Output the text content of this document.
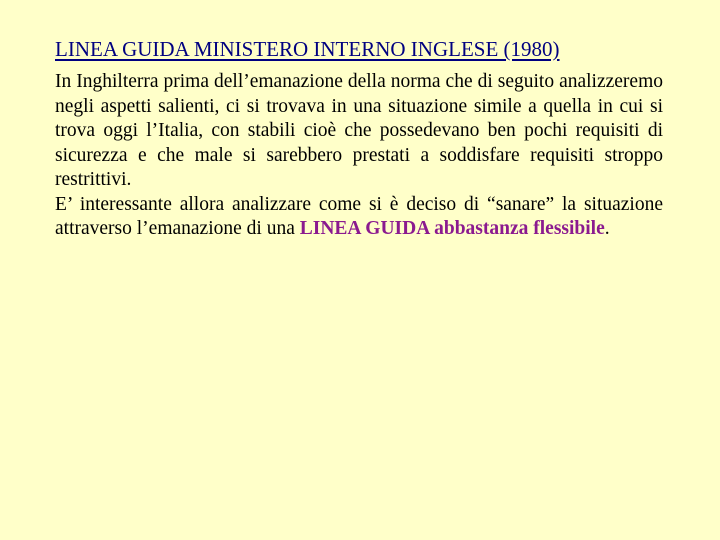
LINEA GUIDA MINISTERO INTERNO INGLESE (1980)

In Inghilterra prima dell’emanazione della norma che di seguito analizzeremo negli aspetti salienti, ci si trovava in una situazione simile a quella in cui si trova oggi l’Italia, con stabili cioè che possedevano ben pochi requisiti di sicurezza e che male si sarebbero prestati a soddisfare requisiti stroppo restrittivi.

E’ interessante allora analizzare come si è deciso di “sanare” la situazione attraverso l’emanazione di una LINEA GUIDA abbastanza flessibile.
